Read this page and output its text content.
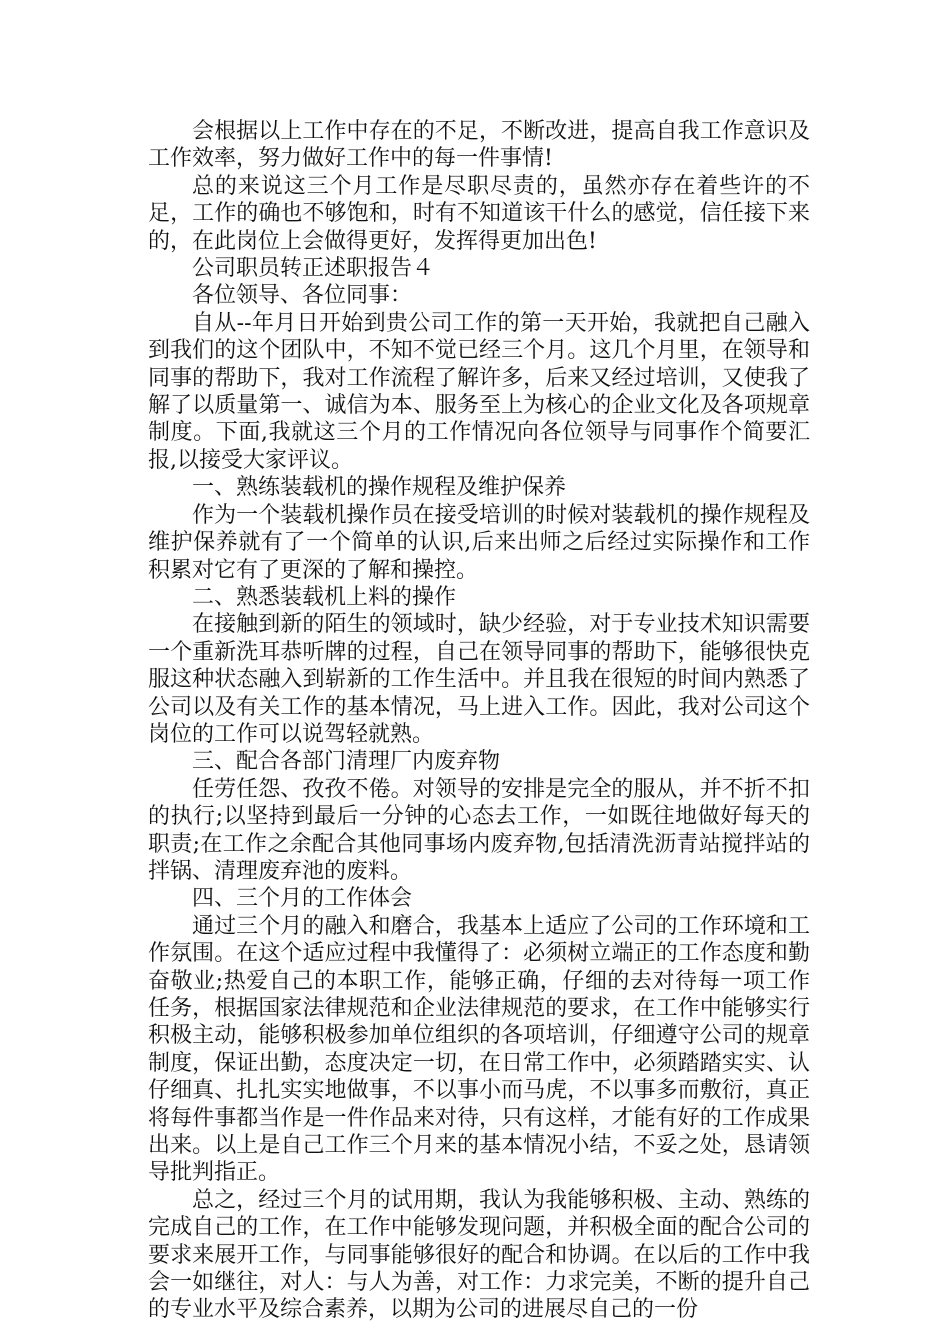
会根据以上工作中存在的不足，不断改进，提高自我工作意识及工作效率，努力做好工作中的每一件事情!

总的来说这三个月工作是尽职尽责的，虽然亦存在着些许的不足，工作的确也不够饱和，时有不知道该干什么的感觉，信任接下来的，在此岗位上会做得更好，发挥得更加出色!

公司职员转正述职报告４

各位领导、各位同事：

自从--年月日开始到贵公司工作的第一天开始，我就把自己融入到我们的这个团队中，不知不觉已经三个月。这几个月里，在领导和同事的帮助下，我对工作流程了解许多，后来又经过培训，又使我了解了以质量第一、诚信为本、服务至上为核心的企业文化及各项规章制度。下面,我就这三个月的工作情况向各位领导与同事作个简要汇报,以接受大家评议。

一、熟练装载机的操作规程及维护保养

作为一个装载机操作员在接受培训的时候对装载机的操作规程及维护保养就有了一个简单的认识,后来出师之后经过实际操作和工作积累对它有了更深的了解和操控。

二、熟悉装载机上料的操作

在接触到新的陌生的领域时，缺少经验，对于专业技术知识需要一个重新洗耳恭听牌的过程，自己在领导同事的帮助下，能够很快克服这种状态融入到崭新的工作生活中。并且我在很短的时间内熟悉了公司以及有关工作的基本情况，马上进入工作。因此，我对公司这个岗位的工作可以说驾轻就熟。

三、配合各部门清理厂内废弃物

任劳任怨、孜孜不倦。对领导的安排是完全的服从，并不折不扣的执行;以坚持到最后一分钟的心态去工作，一如既往地做好每天的职责;在工作之余配合其他同事场内废弃物,包括清洗沥青站搅拌站的拌锅、清理废弃池的废料。

四、三个月的工作体会

通过三个月的融入和磨合，我基本上适应了公司的工作环境和工作氛围。在这个适应过程中我懂得了：必须树立端正的工作态度和勤奋敬业;热爱自己的本职工作，能够正确，仔细的去对待每一项工作任务，根据国家法律规范和企业法律规范的要求，在工作中能够实行积极主动，能够积极参加单位组织的各项培训，仔细遵守公司的规章制度，保证出勤，态度决定一切，在日常工作中，必须踏踏实实、认仔细真、扎扎实实地做事，不以事小而马虎，不以事多而敷衍，真正将每件事都当作是一件作品来对待，只有这样，才能有好的工作成果出来。以上是自己工作三个月来的基本情况小结，不妥之处，恳请领导批判指正。

总之，经过三个月的试用期，我认为我能够积极、主动、熟练的完成自己的工作，在工作中能够发现问题，并积极全面的配合公司的要求来展开工作，与同事能够很好的配合和协调。在以后的工作中我会一如继往，对人：与人为善，对工作：力求完美，不断的提升自己的专业水平及综合素养，以期为公司的进展尽自己的一份
